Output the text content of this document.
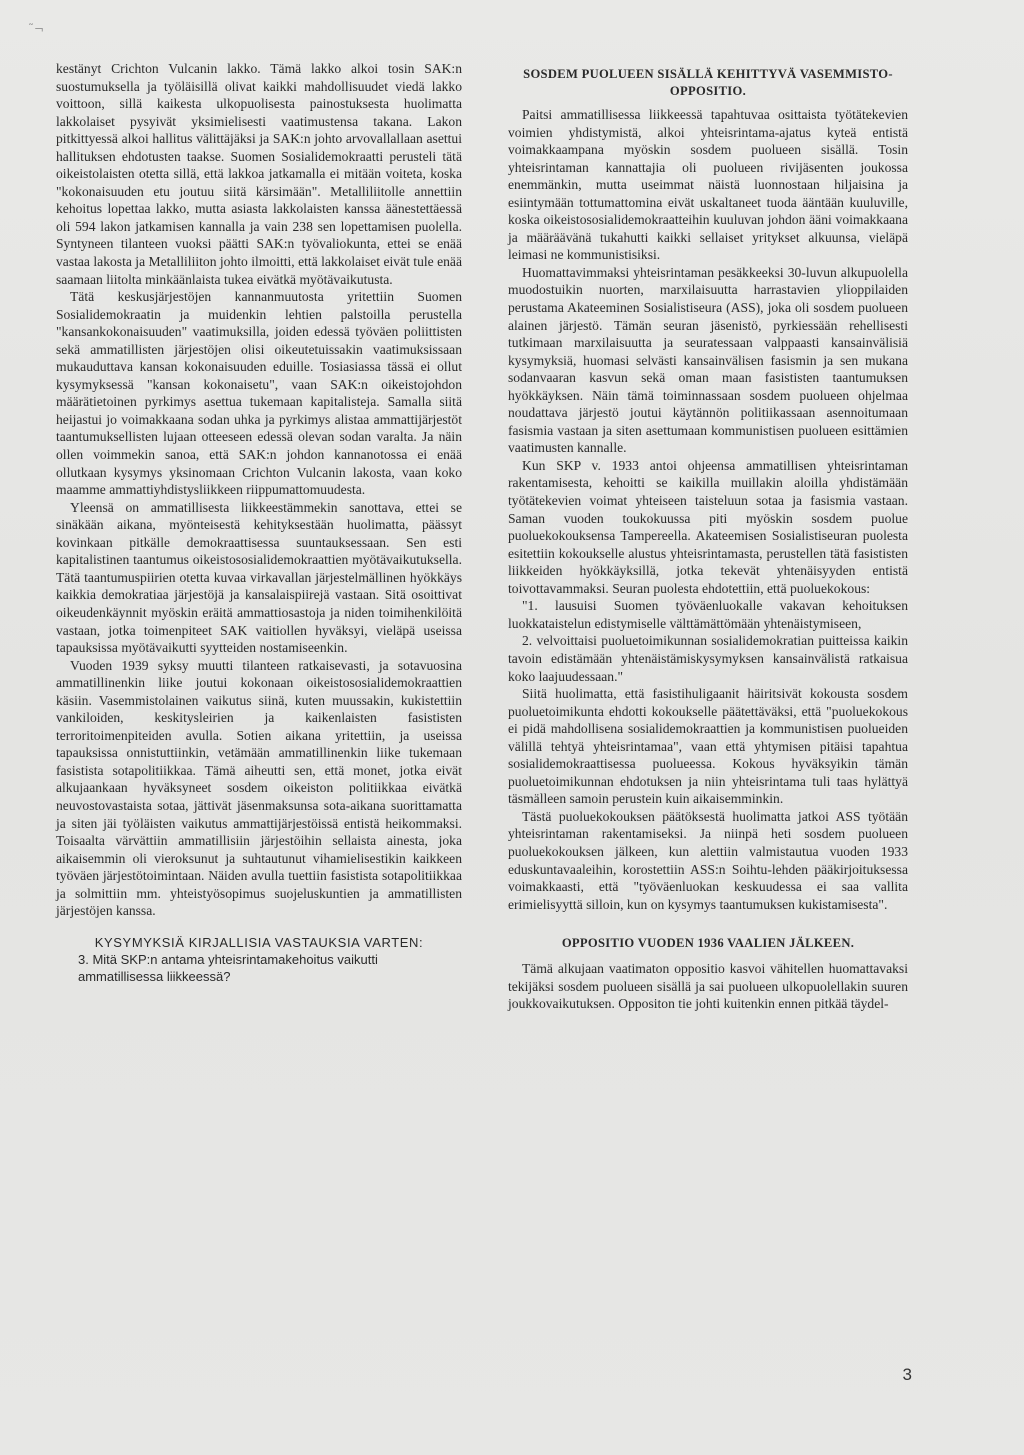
˜¬

kestänyt Crichton Vulcanin lakko. Tämä lakko alkoi tosin SAK:n suostumuksella ja työläisillä olivat kaikki mahdollisuudet viedä lakko voittoon, sillä kaikesta ulkopuolisesta painostuksesta huolimatta lakkolaiset pysyivät yksimielisesti vaatimustensa takana. Lakon pitkittyessä alkoi hallitus välittäjäksi ja SAK:n johto arvovallallaan asettui hallituksen ehdotusten taakse. Suomen Sosialidemokraatti perusteli tätä oikeistolaisten otetta sillä, että lakkoa jatkamalla ei mitään voiteta, koska "kokonaisuuden etu joutuu siitä kärsimään". Metalliliitolle annettiin kehoitus lopettaa lakko, mutta asiasta lakkolaisten kanssa äänestettäessä oli 594 lakon jatkamisen kannalla ja vain 238 sen lopettamisen puolella. Syntyneen tilanteen vuoksi päätti SAK:n työvaliokunta, ettei se enää vastaa lakosta ja Metalliliiton johto ilmoitti, että lakkolaiset eivät tule enää saamaan liitolta minkäänlaista tukea eivätkä myötävaikutusta.

Tätä keskusjärjestöjen kannanmuutosta yritettiin Suomen Sosialidemokraatin ja muidenkin lehtien palstoilla perustella "kansankokonaisuuden" vaatimuksilla, joiden edessä työväen poliittisten sekä ammatillisten järjestöjen olisi oikeutetuissakin vaatimuksissaan mukauduttava kansan kokonaisuuden eduille. Tosiasiassa tässä ei ollut kysymyksessä "kansan kokonaisetu", vaan SAK:n oikeistojohdon määrätietoinen pyrkimys asettua tukemaan kapitalisteja. Samalla siitä heijastui jo voimakkaana sodan uhka ja pyrkimys alistaa ammattijärjestöt taantumuksellisten lujaan otteeseen edessä olevan sodan varalta. Ja näin ollen voimmekin sanoa, että SAK:n johdon kannanotossa ei enää ollutkaan kysymys yksinomaan Crichton Vulcanin lakosta, vaan koko maamme ammattiyhdistysliikkeen riippumattomuudesta.

Yleensä on ammatillisesta liikkeestämmekin sanottava, ettei se sinäkään aikana, myönteisestä kehityksestään huolimatta, päässyt kovinkaan pitkälle demokraattisessa suuntauksessaan. Sen esti kapitalistinen taantumus oikeistososialidemokraattien myötävaikutuksella. Tätä taantumuspiirien otetta kuvaa virkavallan järjestelmällinen hyökkäys kaikkia demokratiaa järjestöjä ja kansalaispiirejä vastaan. Sitä osoittivat oikeudenkäynnit myöskin eräitä ammattiosastoja ja niden toimihenkilöitä vastaan, jotka toimenpiteet SAK vaitiollen hyväksyi, vieläpä useissa tapauksissa myötävaikutti syytteiden nostamiseenkin.

Vuoden 1939 syksy muutti tilanteen ratkaisevasti, ja sotavuosina ammatillinenkin liike joutui kokonaan oikeistososialidemokraattien käsiin. Vasemmistolainen vaikutus siinä, kuten muussakin, kukistettiin vankiloiden, keskitysleirien ja kaikenlaisten fasististen terroritoimenpiteiden avulla. Sotien aikana yritettiin, ja useissa tapauksissa onnistuttiinkin, vetämään ammatillinenkin liike tukemaan fasistista sotapolitiikkaa. Tämä aiheutti sen, että monet, jotka eivät alkujaankaan hyväksyneet sosdem oikeiston politiikkaa eivätkä neuvostovastaista sotaa, jättivät jäsenmaksunsa sota-aikana suorittamatta ja siten jäi työläisten vaikutus ammattijärjestöissä entistä heikommaksi. Toisaalta värvättiin ammatillisiin järjestöihin sellaista ainesta, joka aikaisemmin oli vieroksunut ja suhtautunut vihamielisestikin kaikkeen työväen järjestötoimintaan. Näiden avulla tuettiin fasistista sotapolitiikkaa ja solmittiin mm. yhteistyösopimus suojeluskuntien ja ammatillisten järjestöjen kanssa.

KYSYMYKSIÄ KIRJALLISIA VASTAUKSIA VARTEN:

3. Mitä SKP:n antama yhteisrintamakehoitus vaikutti ammatillisessa liikkeessä?

SOSDEM PUOLUEEN SISÄLLÄ KEHITTYVÄ VASEMMISTO-OPPOSITIO.

Paitsi ammatillisessa liikkeessä tapahtuvaa osittaista työtätekevien voimien yhdistymistä, alkoi yhteisrintama-ajatus kyteä entistä voimakkaampana myöskin sosdem puolueen sisällä. Tosin yhteisrintaman kannattajia oli puolueen rivijäsenten joukossa enemmänkin, mutta useimmat näistä luonnostaan hiljaisina ja esiintymään tottumattomina eivät uskaltaneet tuoda ääntään kuuluville, koska oikeistososialidemokraatteihin kuuluvan johdon ääni voimakkaana ja määräävänä tukahutti kaikki sellaiset yritykset alkuunsa, vieläpä leimasi ne kommunistisiksi.

Huomattavimmaksi yhteisrintaman pesäkkeeksi 30-luvun alkupuolella muodostuikin nuorten, marxilaisuutta harrastavien ylioppilaiden perustama Akateeminen Sosialistiseura (ASS), joka oli sosdem puolueen alainen järjestö. Tämän seuran jäsenistö, pyrkiessään rehellisesti tutkimaan marxilaisuutta ja seuratessaan valppaasti kansainvälisiä kysymyksiä, huomasi selvästi kansainvälisen fasismin ja sen mukana sodanvaaran kasvun sekä oman maan fasististen taantumuksen hyökkäyksen. Näin tämä toiminnassaan sosdem puolueen ohjelmaa noudattava järjestö joutui käytännön politiikassaan asennoitumaan fasismia vastaan ja siten asettumaan kommunistisen puolueen esittämien vaatimusten kannalle.

Kun SKP v. 1933 antoi ohjeensa ammatillisen yhteisrintaman rakentamisesta, kehoitti se kaikilla muillakin aloilla yhdistämään työtätekevien voimat yhteiseen taisteluun sotaa ja fasismia vastaan. Saman vuoden toukokuussa piti myöskin sosdem puolue puoluekokouksensa Tampereella. Akateemisen Sosialistiseuran puolesta esitettiin kokoukselle alustus yhteisrintamasta, perustellen tätä fasististen liikkeiden hyökkäyksillä, jotka tekevät yhtenäisyyden entistä toivottavammaksi. Seuran puolesta ehdotettiin, että puoluekokous:

"1. lausuisi Suomen työväenluokalle vakavan kehoituksen luokkataistelun edistymiselle välttämättömään yhtenäistymiseen,

2. velvoittaisi puoluetoimikunnan sosialidemokratian puitteissa kaikin tavoin edistämään yhtenäistämiskysymyksen kansainvälistä ratkaisua koko laajuudessaan."

Siitä huolimatta, että fasistihuligaanit häiritsivät kokousta sosdem puoluetoimikunta ehdotti kokoukselle päätettäväksi, että "puoluekokous ei pidä mahdollisena sosialidemokraattien ja kommunistisen puolueiden välillä tehtyä yhteisrintamaa", vaan että yhtymisen pitäisi tapahtua sosialidemokraattisessa puolueessa. Kokous hyväksyikin tämän puoluetoimikunnan ehdotuksen ja niin yhteisrintama tuli taas hylättyä täsmälleen samoin perustein kuin aikaisemminkin.

Tästä puoluekokouksen päätöksestä huolimatta jatkoi ASS työtään yhteisrintaman rakentamiseksi. Ja niinpä heti sosdem puolueen puoluekokouksen jälkeen, kun alettiin valmistautua vuoden 1933 eduskuntavaaleihin, korostettiin ASS:n Soihtu-lehden pääkirjoituksessa voimakkaasti, että "työväenluokan keskuudessa ei saa vallita erimielisyyttä silloin, kun on kysymys taantumuksen kukistamisesta".

OPPOSITIO VUODEN 1936 VAALIEN JÄLKEEN.

Tämä alkujaan vaatimaton oppositio kasvoi vähitellen huomattavaksi tekijäksi sosdem puolueen sisällä ja sai puolueen ulkopuolellakin suuren joukkovaikutuksen. Oppositon tie johti kuitenkin ennen pitkää täydel-

3
